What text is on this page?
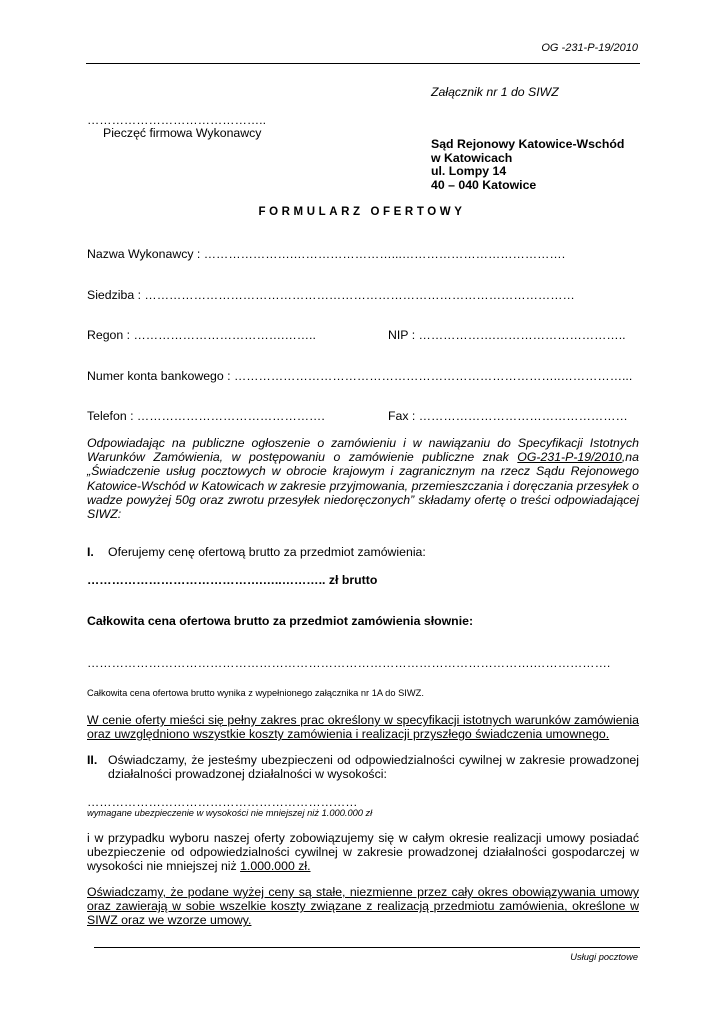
OG -231-P-19/2010
Załącznik nr 1 do SIWZ
……………………………………..
Pieczęć firmowa Wykonawcy
Sąd Rejonowy Katowice-Wschód
w Katowicach
ul. Lompy 14
40 – 040 Katowice
FORMULARZ OFERTOWY
Nazwa Wykonawcy : ………………….……………………...………………………………….
Siedziba : ……………………………………………………………………………………………
Regon : ……………………………….……..	NIP : ……………….…………………………..
Numer konta bankowego : ……………………………………………………………………..……………...
Telefon : ……………………………………….	Fax : ……………………………………………
Odpowiadając na publiczne ogłoszenie o zamówieniu i w nawiązaniu do Specyfikacji Istotnych
Warunków Zamówienia, w postępowaniu o zamówienie publiczne znak OG-231-P-19/2010,na
„Świadczenie usług pocztowych w obrocie krajowym i zagranicznym na rzecz Sądu Rejonowego
Katowice-Wschód w Katowicach w zakresie przyjmowania, przemieszczania i doręczania przesyłek o
wadze powyżej 50g oraz zwrotu przesyłek niedoręczonych” składamy ofertę o treści odpowiadającej
SIWZ:
I. Oferujemy cenę ofertową brutto za przedmiot zamówienia:
…………………………………….…..……….. zł brutto
Całkowita cena ofertowa brutto za przedmiot zamówienia słownie:
……………………………………………………………………………………………….……………….
Całkowita cena ofertowa brutto wynika z wypełnionego załącznika nr 1A do SIWZ.
W cenie oferty mieści się pełny zakres prac określony w specyfikacji istotnych warunków zamówienia
oraz uwzględniono wszystkie koszty zamówienia i realizacji przyszłego świadczenia umownego.
II. Oświadczamy, że jesteśmy ubezpieczeni od odpowiedzialności cywilnej w zakresie prowadzonej
działalności prowadzonej działalności w wysokości:
…………………………………………………………
wymagane ubezpieczenie w wysokości nie mniejszej niż 1.000.000 zł
i w przypadku wyboru naszej oferty zobowiązujemy się w całym okresie realizacji umowy posiadać
ubezpieczenie od odpowiedzialności cywilnej w zakresie prowadzonej działalności gospodarczej w
wysokości nie mniejszej niż 1.000.000 zł.
Oświadczamy, że podane wyżej ceny są stałe, niezmienne przez cały okres obowiązywania umowy
oraz zawierają w sobie wszelkie koszty związane z realizacją przedmiotu zamówienia, określone w
SIWZ oraz we wzorze umowy.
Usługi pocztowe
